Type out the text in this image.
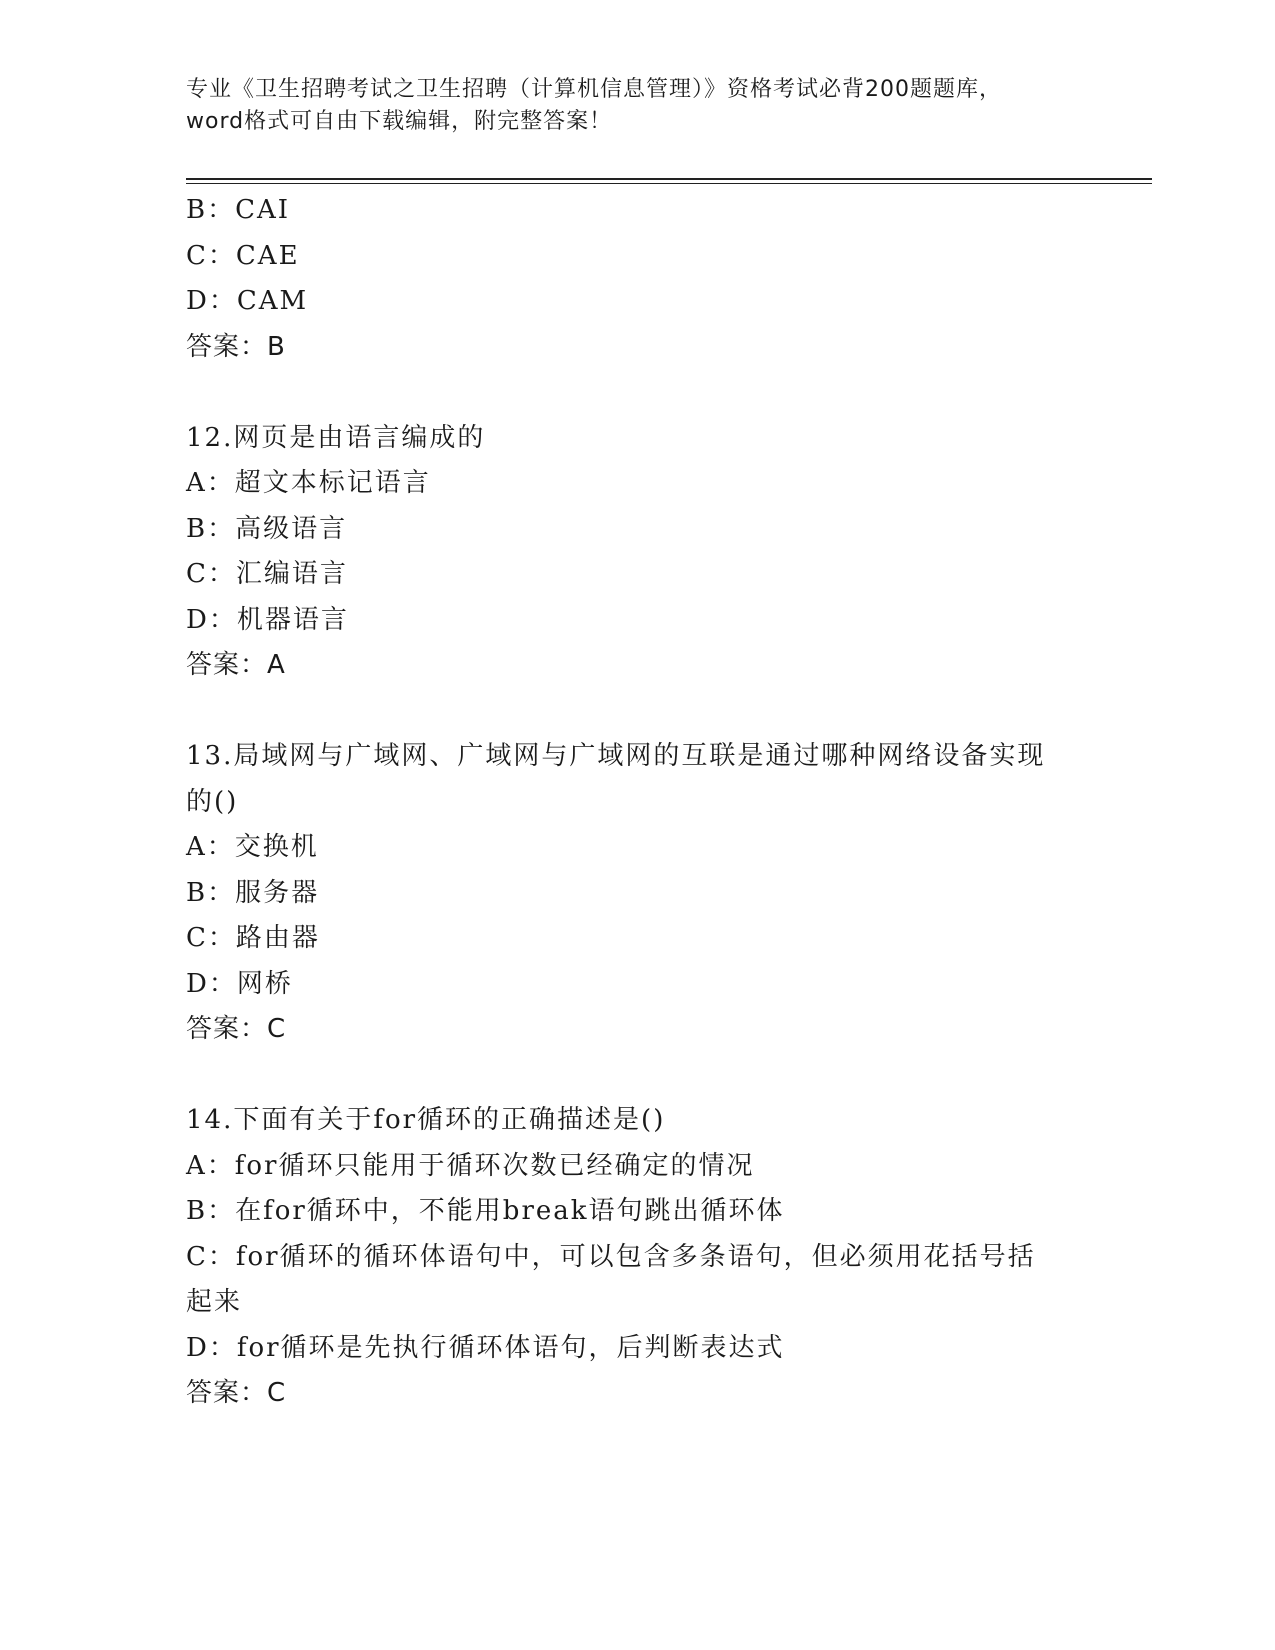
专业《卫生招聘考试之卫生招聘（计算机信息管理）》资格考试必背200题题库，
word格式可自由下载编辑，附完整答案！
B：CAI
C：CAE
D：CAM
答案：B
12.网页是由语言编成的
A：超文本标记语言
B：高级语言
C：汇编语言
D：机器语言
答案：A
13.局域网与广域网、广域网与广域网的互联是通过哪种网络设备实现
的()
A：交换机
B：服务器
C：路由器
D：网桥
答案：C
14.下面有关于for循环的正确描述是()
A：for循环只能用于循环次数已经确定的情况
B：在for循环中，不能用break语句跳出循环体
C：for循环的循环体语句中，可以包含多条语句，但必须用花括号括
起来
D：for循环是先执行循环体语句，后判断表达式
答案：C
